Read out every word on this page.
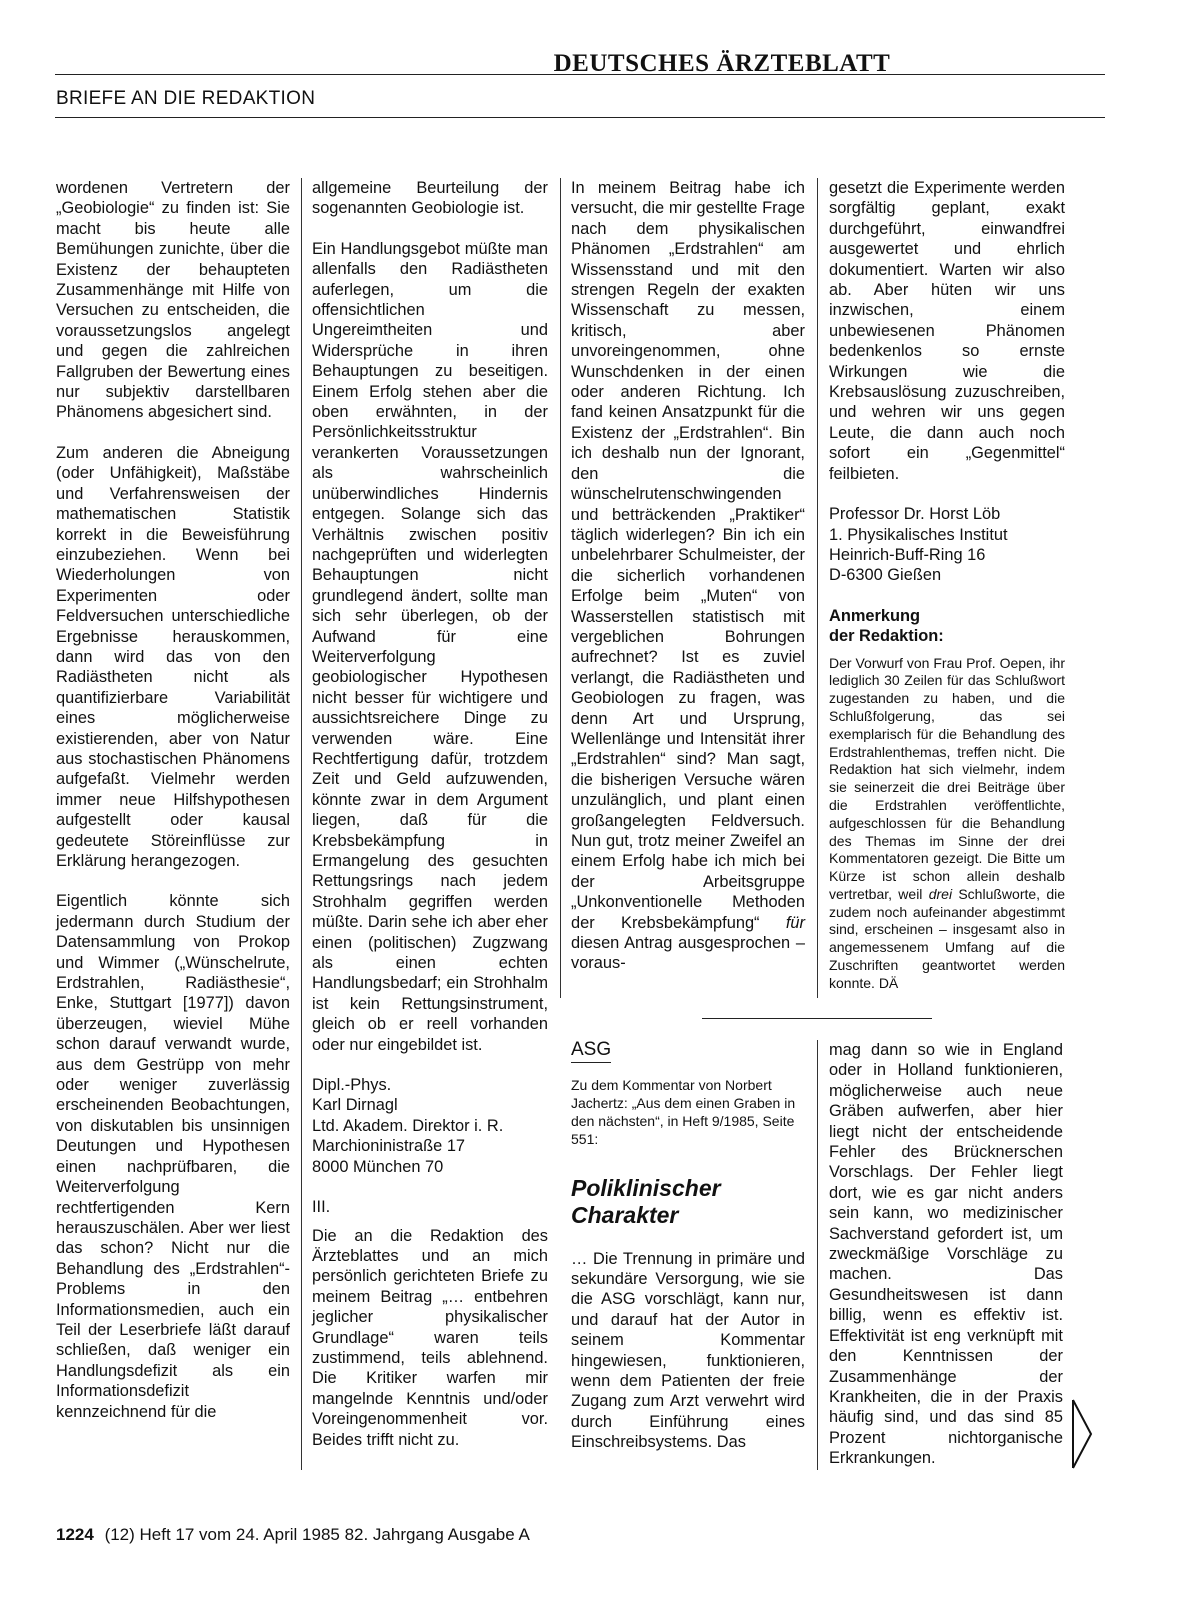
DEUTSCHES ÄRZTEBLATT
BRIEFE AN DIE REDAKTION

wordenen Vertretern der „Geobiologie“ zu finden ist: Sie macht bis heute alle Bemühungen zunichte, über die Existenz der behaupteten Zusammenhänge mit Hilfe von Versuchen zu entscheiden, die voraussetzungslos angelegt und gegen die zahlreichen Fallgruben der Bewertung eines nur subjektiv darstellbaren Phänomens abgesichert sind.

Zum anderen die Abneigung (oder Unfähigkeit), Maßstäbe und Verfahrensweisen der mathematischen Statistik korrekt in die Beweisführung einzubeziehen. Wenn bei Wiederholungen von Experimenten oder Feldversuchen unterschiedliche Ergebnisse herauskommen, dann wird das von den Radiästheten nicht als quantifizierbare Variabilität eines möglicherweise existierenden, aber von Natur aus stochastischen Phänomens aufgefaßt. Vielmehr werden immer neue Hilfshypothesen aufgestellt oder kausal gedeutete Störeinflüsse zur Erklärung herangezogen.

Eigentlich könnte sich jedermann durch Studium der Datensammlung von Prokop und Wimmer („Wünschelrute, Erdstrahlen, Radiästhesie“, Enke, Stuttgart [1977]) davon überzeugen, wieviel Mühe schon darauf verwandt wurde, aus dem Gestrüpp von mehr oder weniger zuverlässig erscheinenden Beobachtungen, von diskutablen bis unsinnigen Deutungen und Hypothesen einen nachprüfbaren, die Weiterverfolgung rechtfertigenden Kern herauszuschälen. Aber wer liest das schon? Nicht nur die Behandlung des „Erdstrahlen“-Problems in den Informationsmedien, auch ein Teil der Leserbriefe läßt darauf schließen, daß weniger ein Handlungsdefizit als ein Informationsdefizit kennzeichnend für die

allgemeine Beurteilung der sogenannten Geobiologie ist.

Ein Handlungsgebot müßte man allenfalls den Radiästheten auferlegen, um die offensichtlichen Ungereimtheiten und Widersprüche in ihren Behauptungen zu beseitigen. Einem Erfolg stehen aber die oben erwähnten, in der Persönlichkeitsstruktur verankerten Voraussetzungen als wahrscheinlich unüberwindliches Hindernis entgegen. Solange sich das Verhältnis zwischen positiv nachgeprüften und widerlegten Behauptungen nicht grundlegend ändert, sollte man sich sehr überlegen, ob der Aufwand für eine Weiterverfolgung geobiologischer Hypothesen nicht besser für wichtigere und aussichtsreichere Dinge zu verwenden wäre. Eine Rechtfertigung dafür, trotzdem Zeit und Geld aufzuwenden, könnte zwar in dem Argument liegen, daß für die Krebsbekämpfung in Ermangelung des gesuchten Rettungsrings nach jedem Strohhalm gegriffen werden müßte. Darin sehe ich aber eher einen (politischen) Zugzwang als einen echten Handlungsbedarf; ein Strohhalm ist kein Rettungsinstrument, gleich ob er reell vorhanden oder nur eingebildet ist.

Dipl.-Phys.
Karl Dirnagl
Ltd. Akadem. Direktor i. R.
Marchioninistraße 17
8000 München 70

III.

Die an die Redaktion des Ärzteblattes und an mich persönlich gerichteten Briefe zu meinem Beitrag „… entbehren jeglicher physikalischer Grundlage“ waren teils zustimmend, teils ablehnend. Die Kritiker warfen mir mangelnde Kenntnis und/oder Voreingenommenheit vor. Beides trifft nicht zu.

In meinem Beitrag habe ich versucht, die mir gestellte Frage nach dem physikalischen Phänomen „Erdstrahlen“ am Wissensstand und mit den strengen Regeln der exakten Wissenschaft zu messen, kritisch, aber unvoreingenommen, ohne Wunschdenken in der einen oder anderen Richtung. Ich fand keinen Ansatzpunkt für die Existenz der „Erdstrahlen“. Bin ich deshalb nun der Ignorant, den die wünschelrutenschwingenden und betträckenden „Praktiker“ täglich widerlegen? Bin ich ein unbelehrbarer Schulmeister, der die sicherlich vorhandenen Erfolge beim „Muten“ von Wasserstellen statistisch mit vergeblichen Bohrungen aufrechnet? Ist es zuviel verlangt, die Radiästheten und Geobiologen zu fragen, was denn Art und Ursprung, Wellenlänge und Intensität ihrer „Erdstrahlen“ sind? Man sagt, die bisherigen Versuche wären unzulänglich, und plant einen großangelegten Feldversuch. Nun gut, trotz meiner Zweifel an einem Erfolg habe ich mich bei der Arbeitsgruppe „Unkonventionelle Methoden der Krebsbekämpfung“ für diesen Antrag ausgesprochen – voraus-

gesetzt die Experimente werden sorgfältig geplant, exakt durchgeführt, einwandfrei ausgewertet und ehrlich dokumentiert. Warten wir also ab. Aber hüten wir uns inzwischen, einem unbewiesenen Phänomen bedenkenlos so ernste Wirkungen wie die Krebsauslösung zuzuschreiben, und wehren wir uns gegen Leute, die dann auch noch sofort ein „Gegenmittel“ feilbieten.

Professor Dr. Horst Löb
1. Physikalisches Institut
Heinrich-Buff-Ring 16
D-6300 Gießen

Anmerkung
der Redaktion:

Der Vorwurf von Frau Prof. Oepen, ihr lediglich 30 Zeilen für das Schlußwort zugestanden zu haben, und die Schlußfolgerung, das sei exemplarisch für die Behandlung des Erdstrahlenthemas, treffen nicht. Die Redaktion hat sich vielmehr, indem sie seinerzeit die drei Beiträge über die Erdstrahlen veröffentlichte, aufgeschlossen für die Behandlung des Themas im Sinne der drei Kommentatoren gezeigt. Die Bitte um Kürze ist schon allein deshalb vertretbar, weil drei Schlußworte, die zudem noch aufeinander abgestimmt sind, erscheinen – insgesamt also in angemessenem Umfang auf die Zuschriften geantwortet werden konnte. DÄ

ASG

Zu dem Kommentar von Norbert Jachertz: „Aus dem einen Graben in den nächsten“, in Heft 9/1985, Seite 551:

Poliklinischer
Charakter

… Die Trennung in primäre und sekundäre Versorgung, wie sie die ASG vorschlägt, kann nur, und darauf hat der Autor in seinem Kommentar hingewiesen, funktionieren, wenn dem Patienten der freie Zugang zum Arzt verwehrt wird durch Einführung eines Einschreibsystems. Das

mag dann so wie in England oder in Holland funktionieren, möglicherweise auch neue Gräben aufwerfen, aber hier liegt nicht der entscheidende Fehler des Brücknerschen Vorschlags. Der Fehler liegt dort, wie es gar nicht anders sein kann, wo medizinischer Sachverstand gefordert ist, um zweckmäßige Vorschläge zu machen. Das Gesundheitswesen ist dann billig, wenn es effektiv ist. Effektivität ist eng verknüpft mit den Kenntnissen der Zusammenhänge der Krankheiten, die in der Praxis häufig sind, und das sind 85 Prozent nichtorganische Erkrankungen.

1224 (12) Heft 17 vom 24. April 1985 82. Jahrgang Ausgabe A
